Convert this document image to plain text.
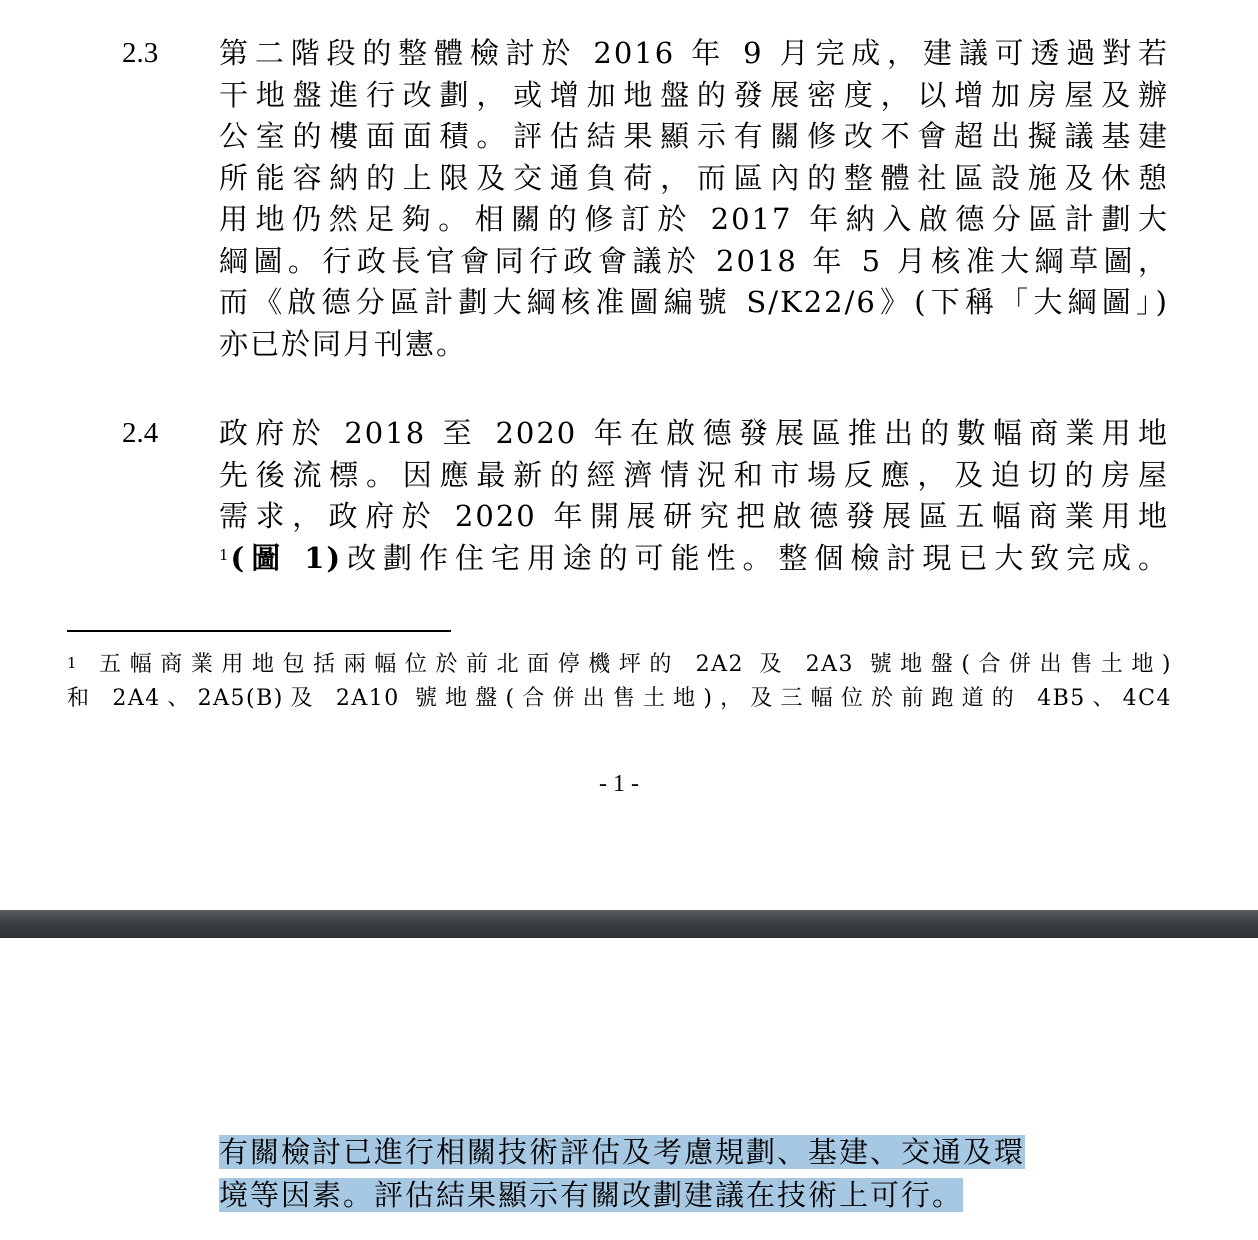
2.3 第二階段的整體檢討於 2016 年 9 月完成，建議可透過對若
干地盤進行改劃，或增加地盤的發展密度，以增加房屋及辦
公室的樓面面積。評估結果顯示有關修改不會超出擬議基建
所能容納的上限及交通負荷，而區內的整體社區設施及休憩
用地仍然足夠。相關的修訂於 2017 年納入啟德分區計劃大
綱圖。行政長官會同行政會議於 2018 年 5 月核准大綱草圖，
而《啟德分區計劃大綱核准圖編號 S/K22/6》(下稱「大綱圖」)
亦已於同月刊憲。
2.4 政府於 2018 至 2020 年在啟德發展區推出的數幅商業用地
先後流標。因應最新的經濟情況和市場反應，及迫切的房屋
需求，政府於 2020 年開展研究把啟德發展區五幅商業用地
$^1$(圖 1)改劃作住宅用途的可能性。整個檢討現已大致完成。
$^1$ 五幅商業用地包括兩幅位於前北面停機坪的 2A2 及 2A3 號地盤(合併出售土地)
和 2A4、2A5(B)及 2A10 號地盤(合併出售土地)，及三幅位於前跑道的 4B5、4C4
- 1 -
有關檢討已進行相關技術評估及考慮規劃、基建、交通及環
境等因素。評估結果顯示有關改劃建議在技術上可行。
